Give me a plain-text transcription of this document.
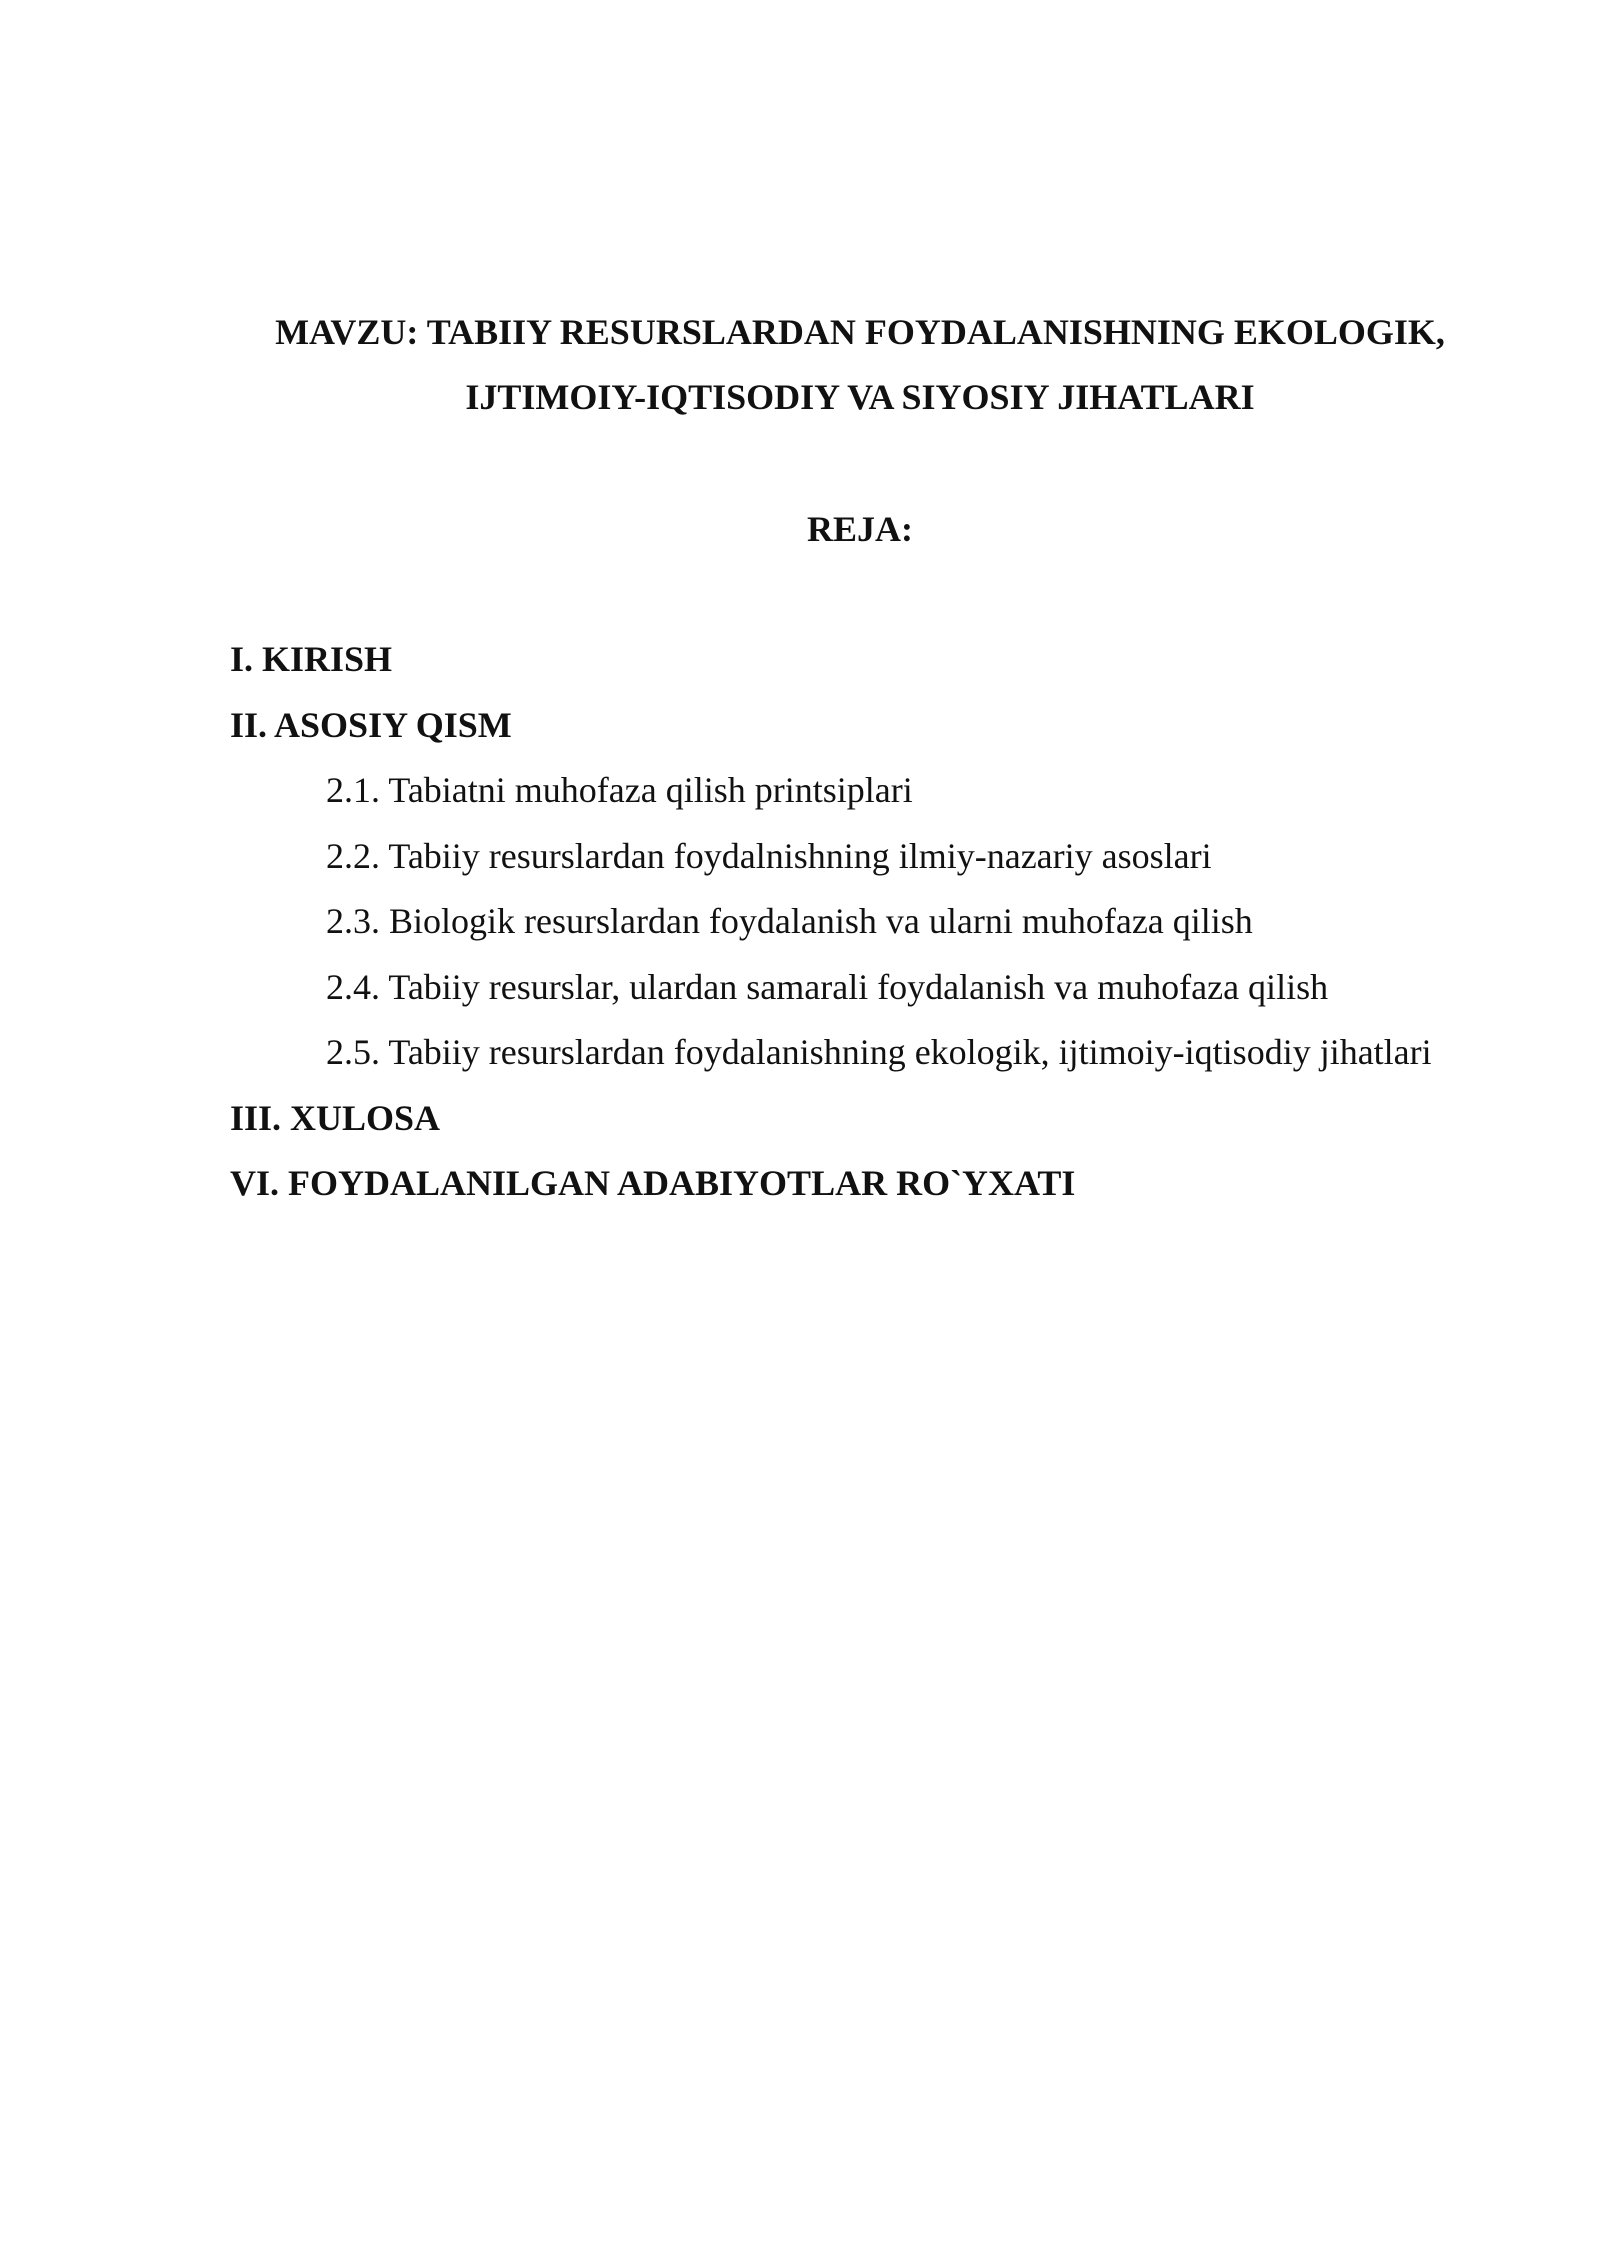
MAVZU: TABIIY RESURSLARDAN FOYDALANISHNING EKOLOGIK,
IJTIMOIY-IQTISODIY VA SIYOSIY JIHATLARI
REJA:
I. KIRISH
II. ASOSIY QISM
2.1. Tabiatni muhofaza qilish printsiplari
2.2. Tabiiy resurslardan foydalnishning ilmiy-nazariy asoslari
2.3. Biologik resurslardan foydalanish va ularni muhofaza qilish
2.4. Tabiiy resurslar, ulardan samarali foydalanish va muhofaza qilish
2.5. Tabiiy resurslardan foydalanishning ekologik, ijtimoiy-iqtisodiy jihatlari
III. XULOSA
VI. FOYDALANILGAN ADABIYOTLAR RO`YXATI
